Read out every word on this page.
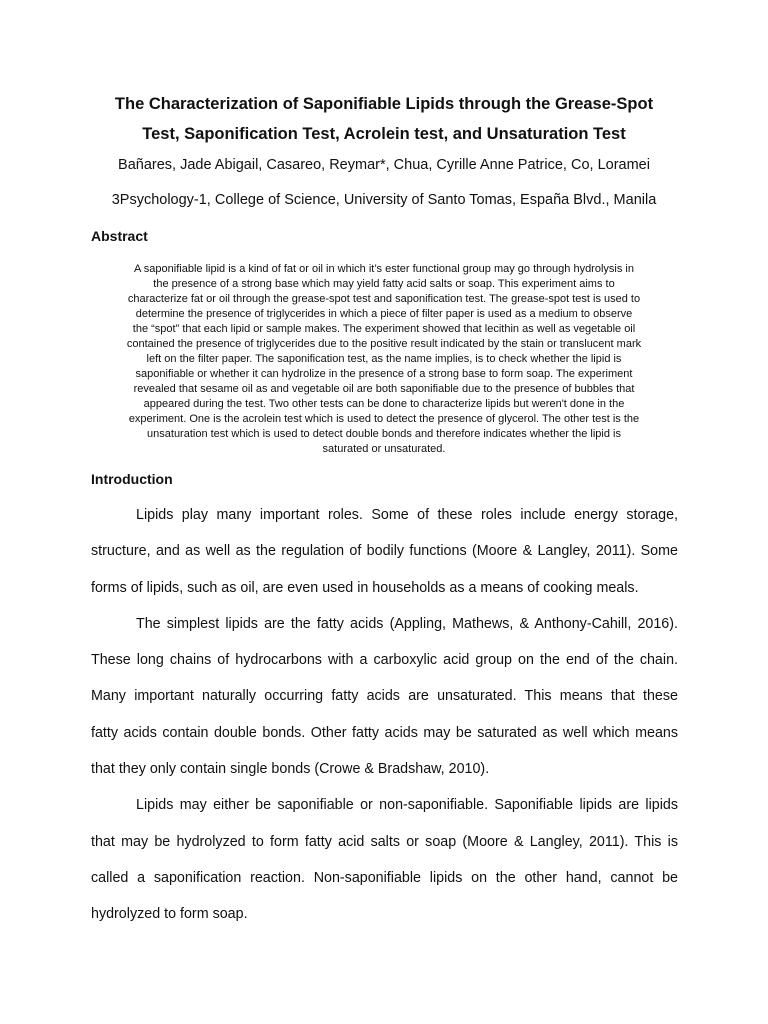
The Characterization of Saponifiable Lipids through the Grease-Spot
Test, Saponification Test, Acrolein test, and Unsaturation Test
Bañares, Jade Abigail, Casareo, Reymar*, Chua, Cyrille Anne Patrice, Co, Loramei
3Psychology-1, College of Science, University of Santo Tomas, España Blvd., Manila
Abstract
A saponifiable lipid is a kind of fat or oil in which it’s ester functional group may go through hydrolysis in
the presence of a strong base which may yield fatty acid salts or soap. This experiment aims to
characterize fat or oil through the grease-spot test and saponification test. The grease-spot test is used to
determine the presence of triglycerides in which a piece of filter paper is used as a medium to observe
the “spot” that each lipid or sample makes. The experiment showed that lecithin as well as vegetable oil
contained the presence of triglycerides due to the positive result indicated by the stain or translucent mark
left on the filter paper. The saponification test, as the name implies, is to check whether the lipid is
saponifiable or whether it can hydrolize in the presence of a strong base to form soap. The experiment
revealed that sesame oil as and vegetable oil are both saponifiable due to the presence of bubbles that
appeared during the test. Two other tests can be done to characterize lipids but weren't done in the
experiment. One is the acrolein test which is used to detect the presence of glycerol. The other test is the
unsaturation test which is used to detect double bonds and therefore indicates whether the lipid is
saturated or unsaturated.
Introduction
Lipids play many important roles. Some of these roles include energy storage,
structure, and as well as the regulation of bodily functions (Moore & Langley, 2011). Some
forms of lipids, such as oil, are even used in households as a means of cooking meals.
The simplest lipids are the fatty acids (Appling, Mathews, & Anthony-Cahill, 2016).
These long chains of hydrocarbons with a carboxylic acid group on the end of the chain.
Many important naturally occurring fatty acids are unsaturated. This means that these
fatty acids contain double bonds. Other fatty acids may be saturated as well which means
that they only contain single bonds (Crowe & Bradshaw, 2010).
Lipids may either be saponifiable or non-saponifiable. Saponifiable lipids are lipids
that may be hydrolyzed to form fatty acid salts or soap (Moore & Langley, 2011). This is
called a saponification reaction. Non-saponifiable lipids on the other hand, cannot be
hydrolyzed to form soap.
